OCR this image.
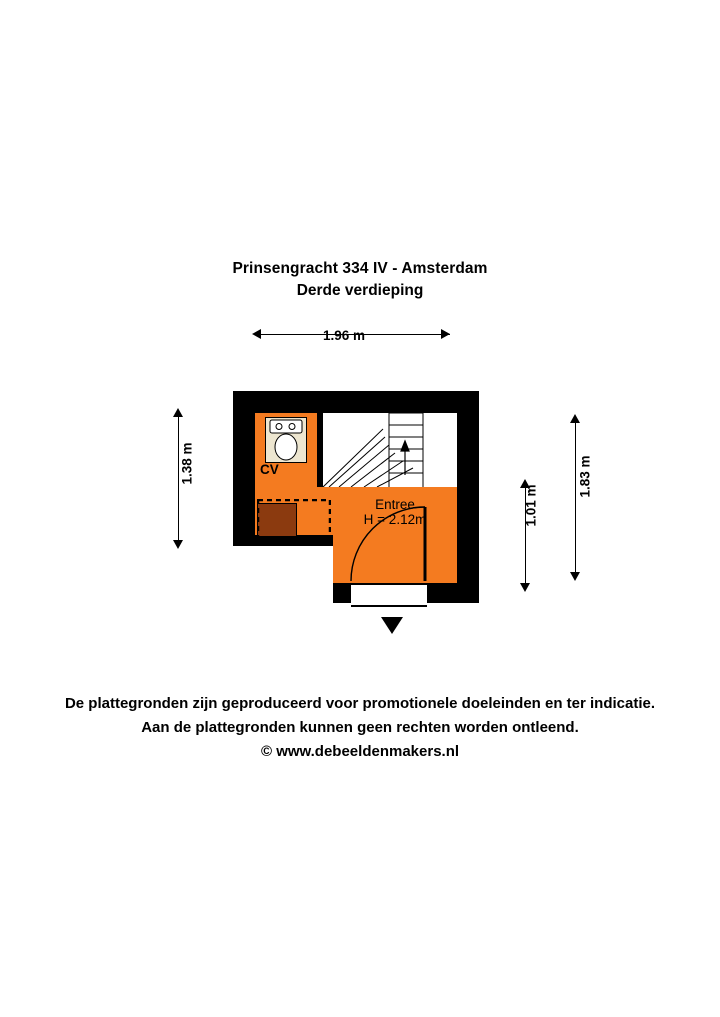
Prinsengracht 334 IV - Amsterdam
Derde verdieping
1.96 m
1.38 m
1.01 m
1.83 m
CV
Entree
H = 2.12m
De plattegronden zijn geproduceerd voor promotionele doeleinden en ter indicatie.
Aan de plattegronden kunnen geen rechten worden ontleend.
© www.debeeldenmakers.nl
